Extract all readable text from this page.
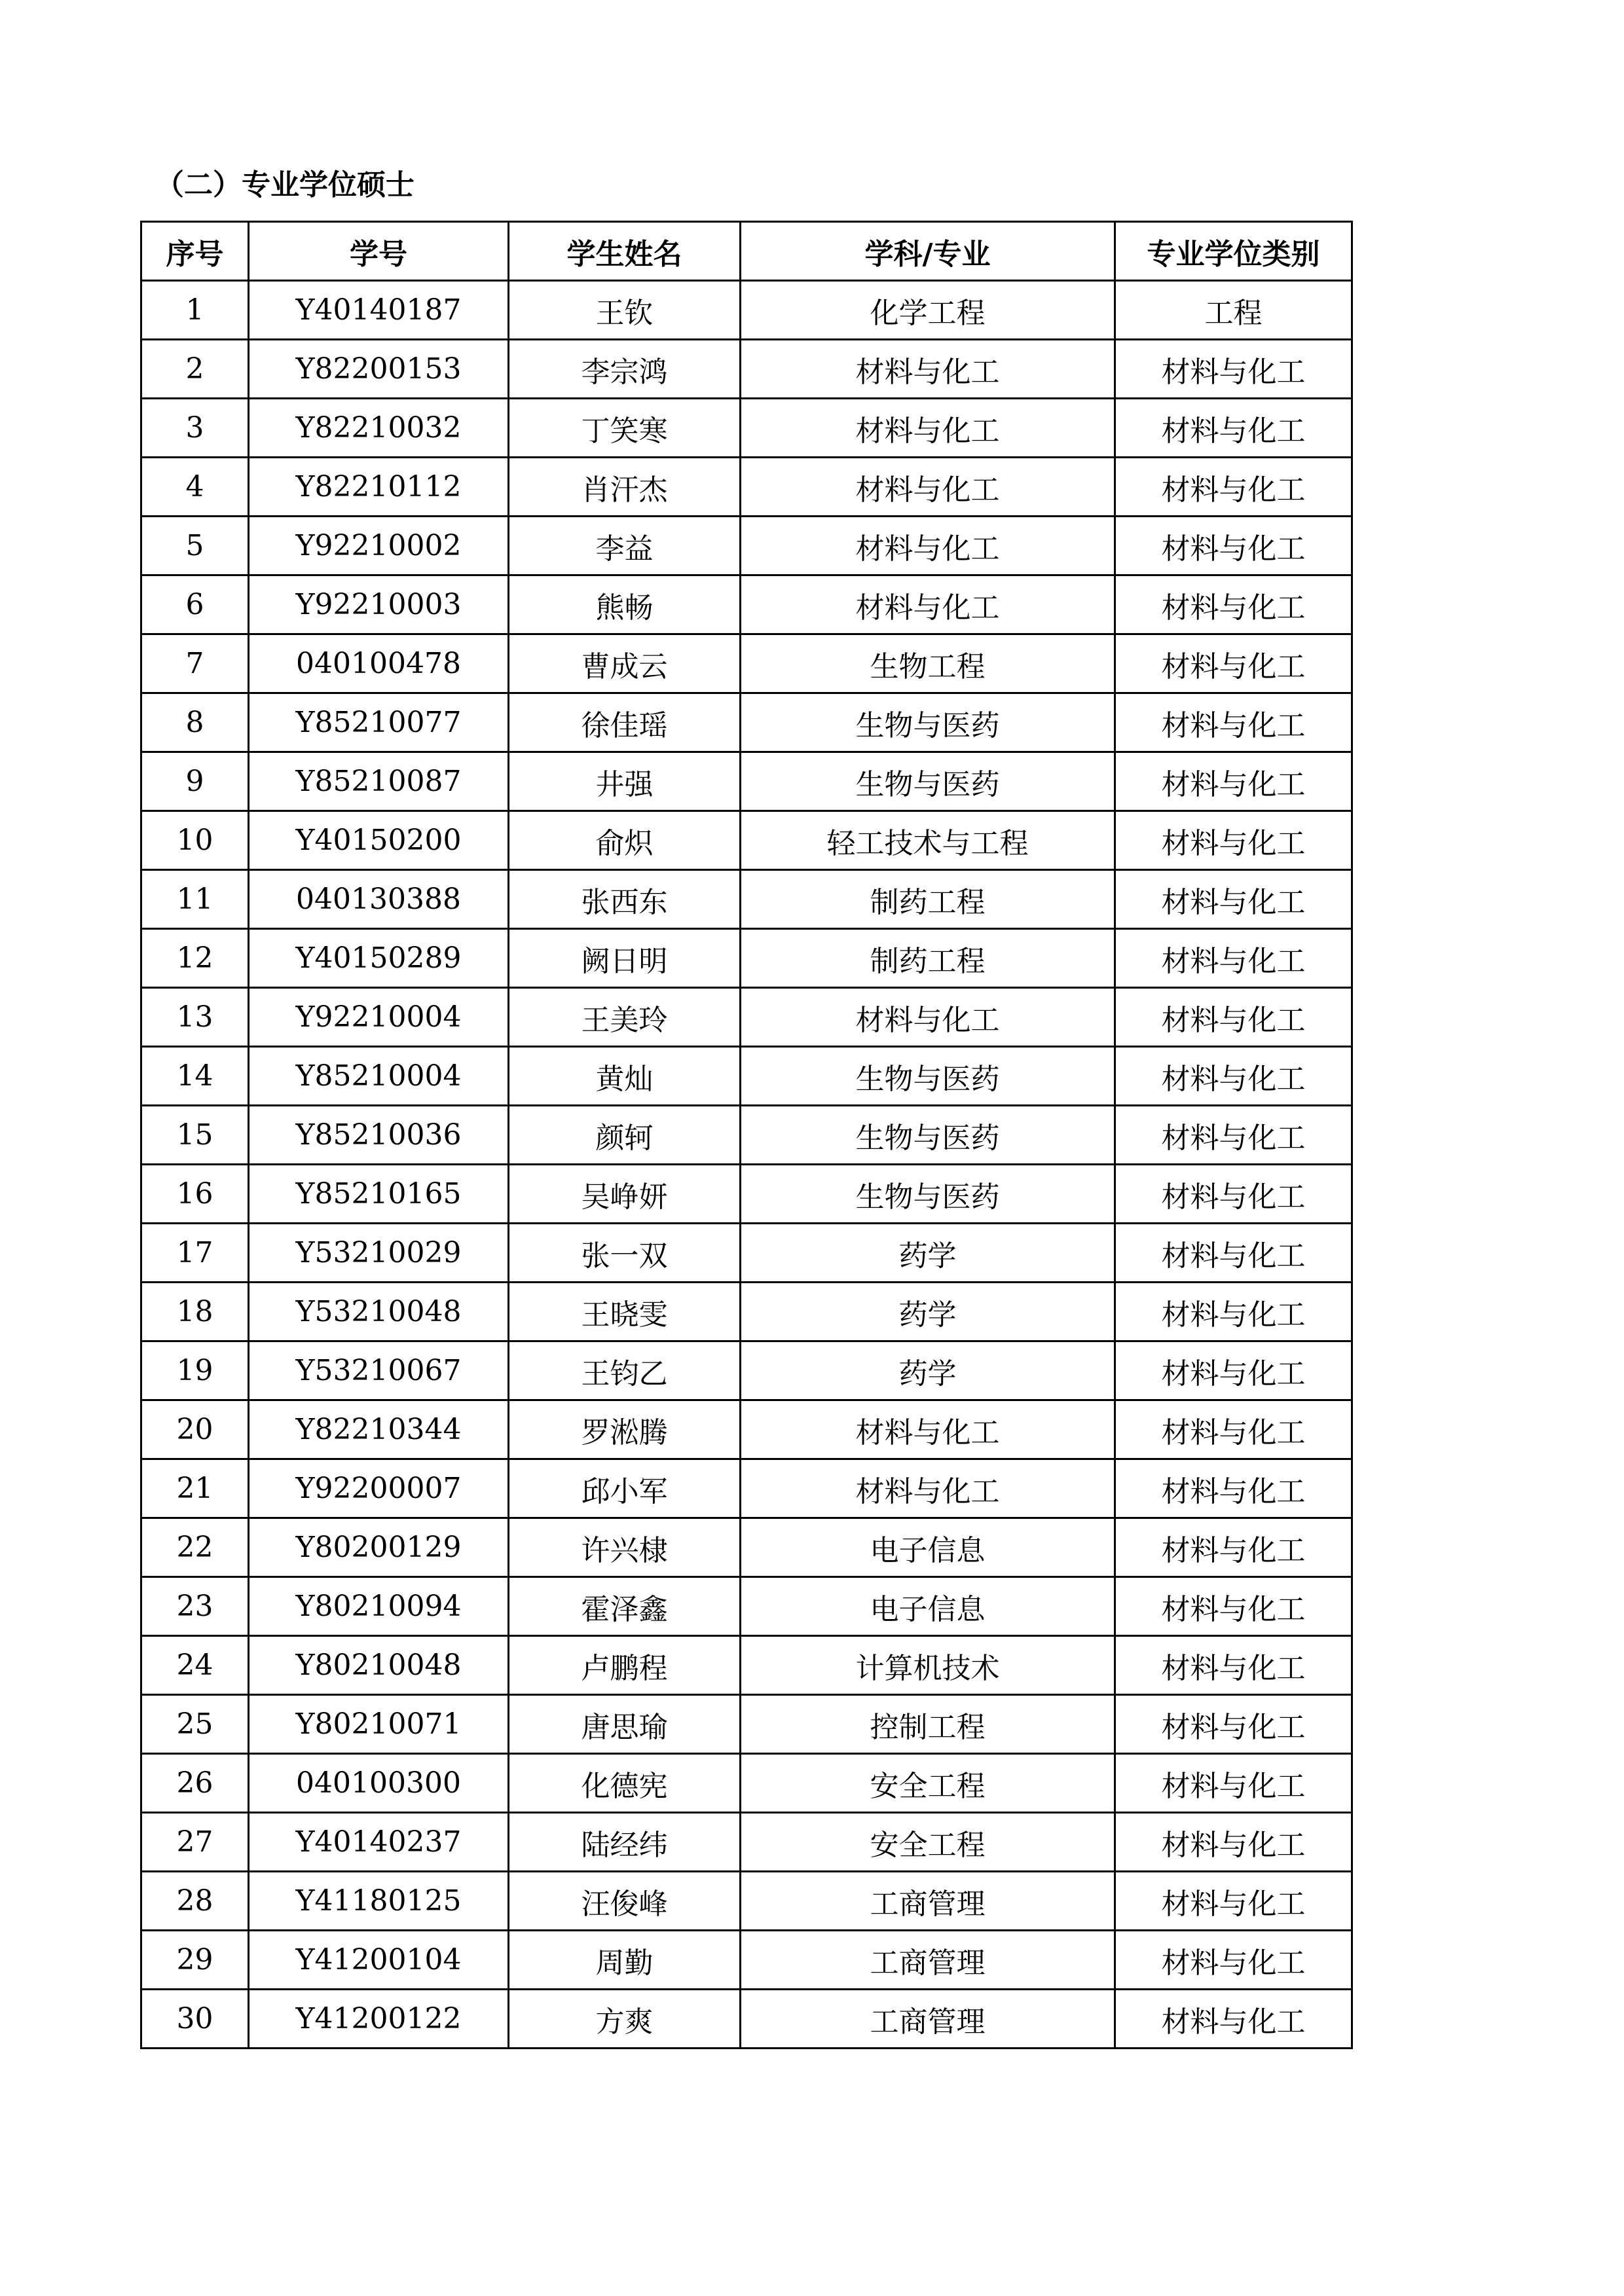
（二）专业学位硕士
序号	学号	学生姓名	学科/专业	专业学位类别
1	Y40140187	王钦	化学工程	工程
2	Y82200153	李宗鸿	材料与化工	材料与化工
3	Y82210032	丁笑寒	材料与化工	材料与化工
4	Y82210112	肖汗杰	材料与化工	材料与化工
5	Y92210002	李益	材料与化工	材料与化工
6	Y92210003	熊畅	材料与化工	材料与化工
7	040100478	曹成云	生物工程	材料与化工
8	Y85210077	徐佳瑶	生物与医药	材料与化工
9	Y85210087	井强	生物与医药	材料与化工
10	Y40150200	俞炽	轻工技术与工程	材料与化工
11	040130388	张西东	制药工程	材料与化工
12	Y40150289	阙日明	制药工程	材料与化工
13	Y92210004	王美玲	材料与化工	材料与化工
14	Y85210004	黄灿	生物与医药	材料与化工
15	Y85210036	颜轲	生物与医药	材料与化工
16	Y85210165	吴峥妍	生物与医药	材料与化工
17	Y53210029	张一双	药学	材料与化工
18	Y53210048	王晓雯	药学	材料与化工
19	Y53210067	王钧乙	药学	材料与化工
20	Y82210344	罗淞腾	材料与化工	材料与化工
21	Y92200007	邱小军	材料与化工	材料与化工
22	Y80200129	许兴棣	电子信息	材料与化工
23	Y80210094	霍泽鑫	电子信息	材料与化工
24	Y80210048	卢鹏程	计算机技术	材料与化工
25	Y80210071	唐思瑜	控制工程	材料与化工
26	040100300	化德宪	安全工程	材料与化工
27	Y40140237	陆经纬	安全工程	材料与化工
28	Y41180125	汪俊峰	工商管理	材料与化工
29	Y41200104	周勤	工商管理	材料与化工
30	Y41200122	方爽	工商管理	材料与化工
